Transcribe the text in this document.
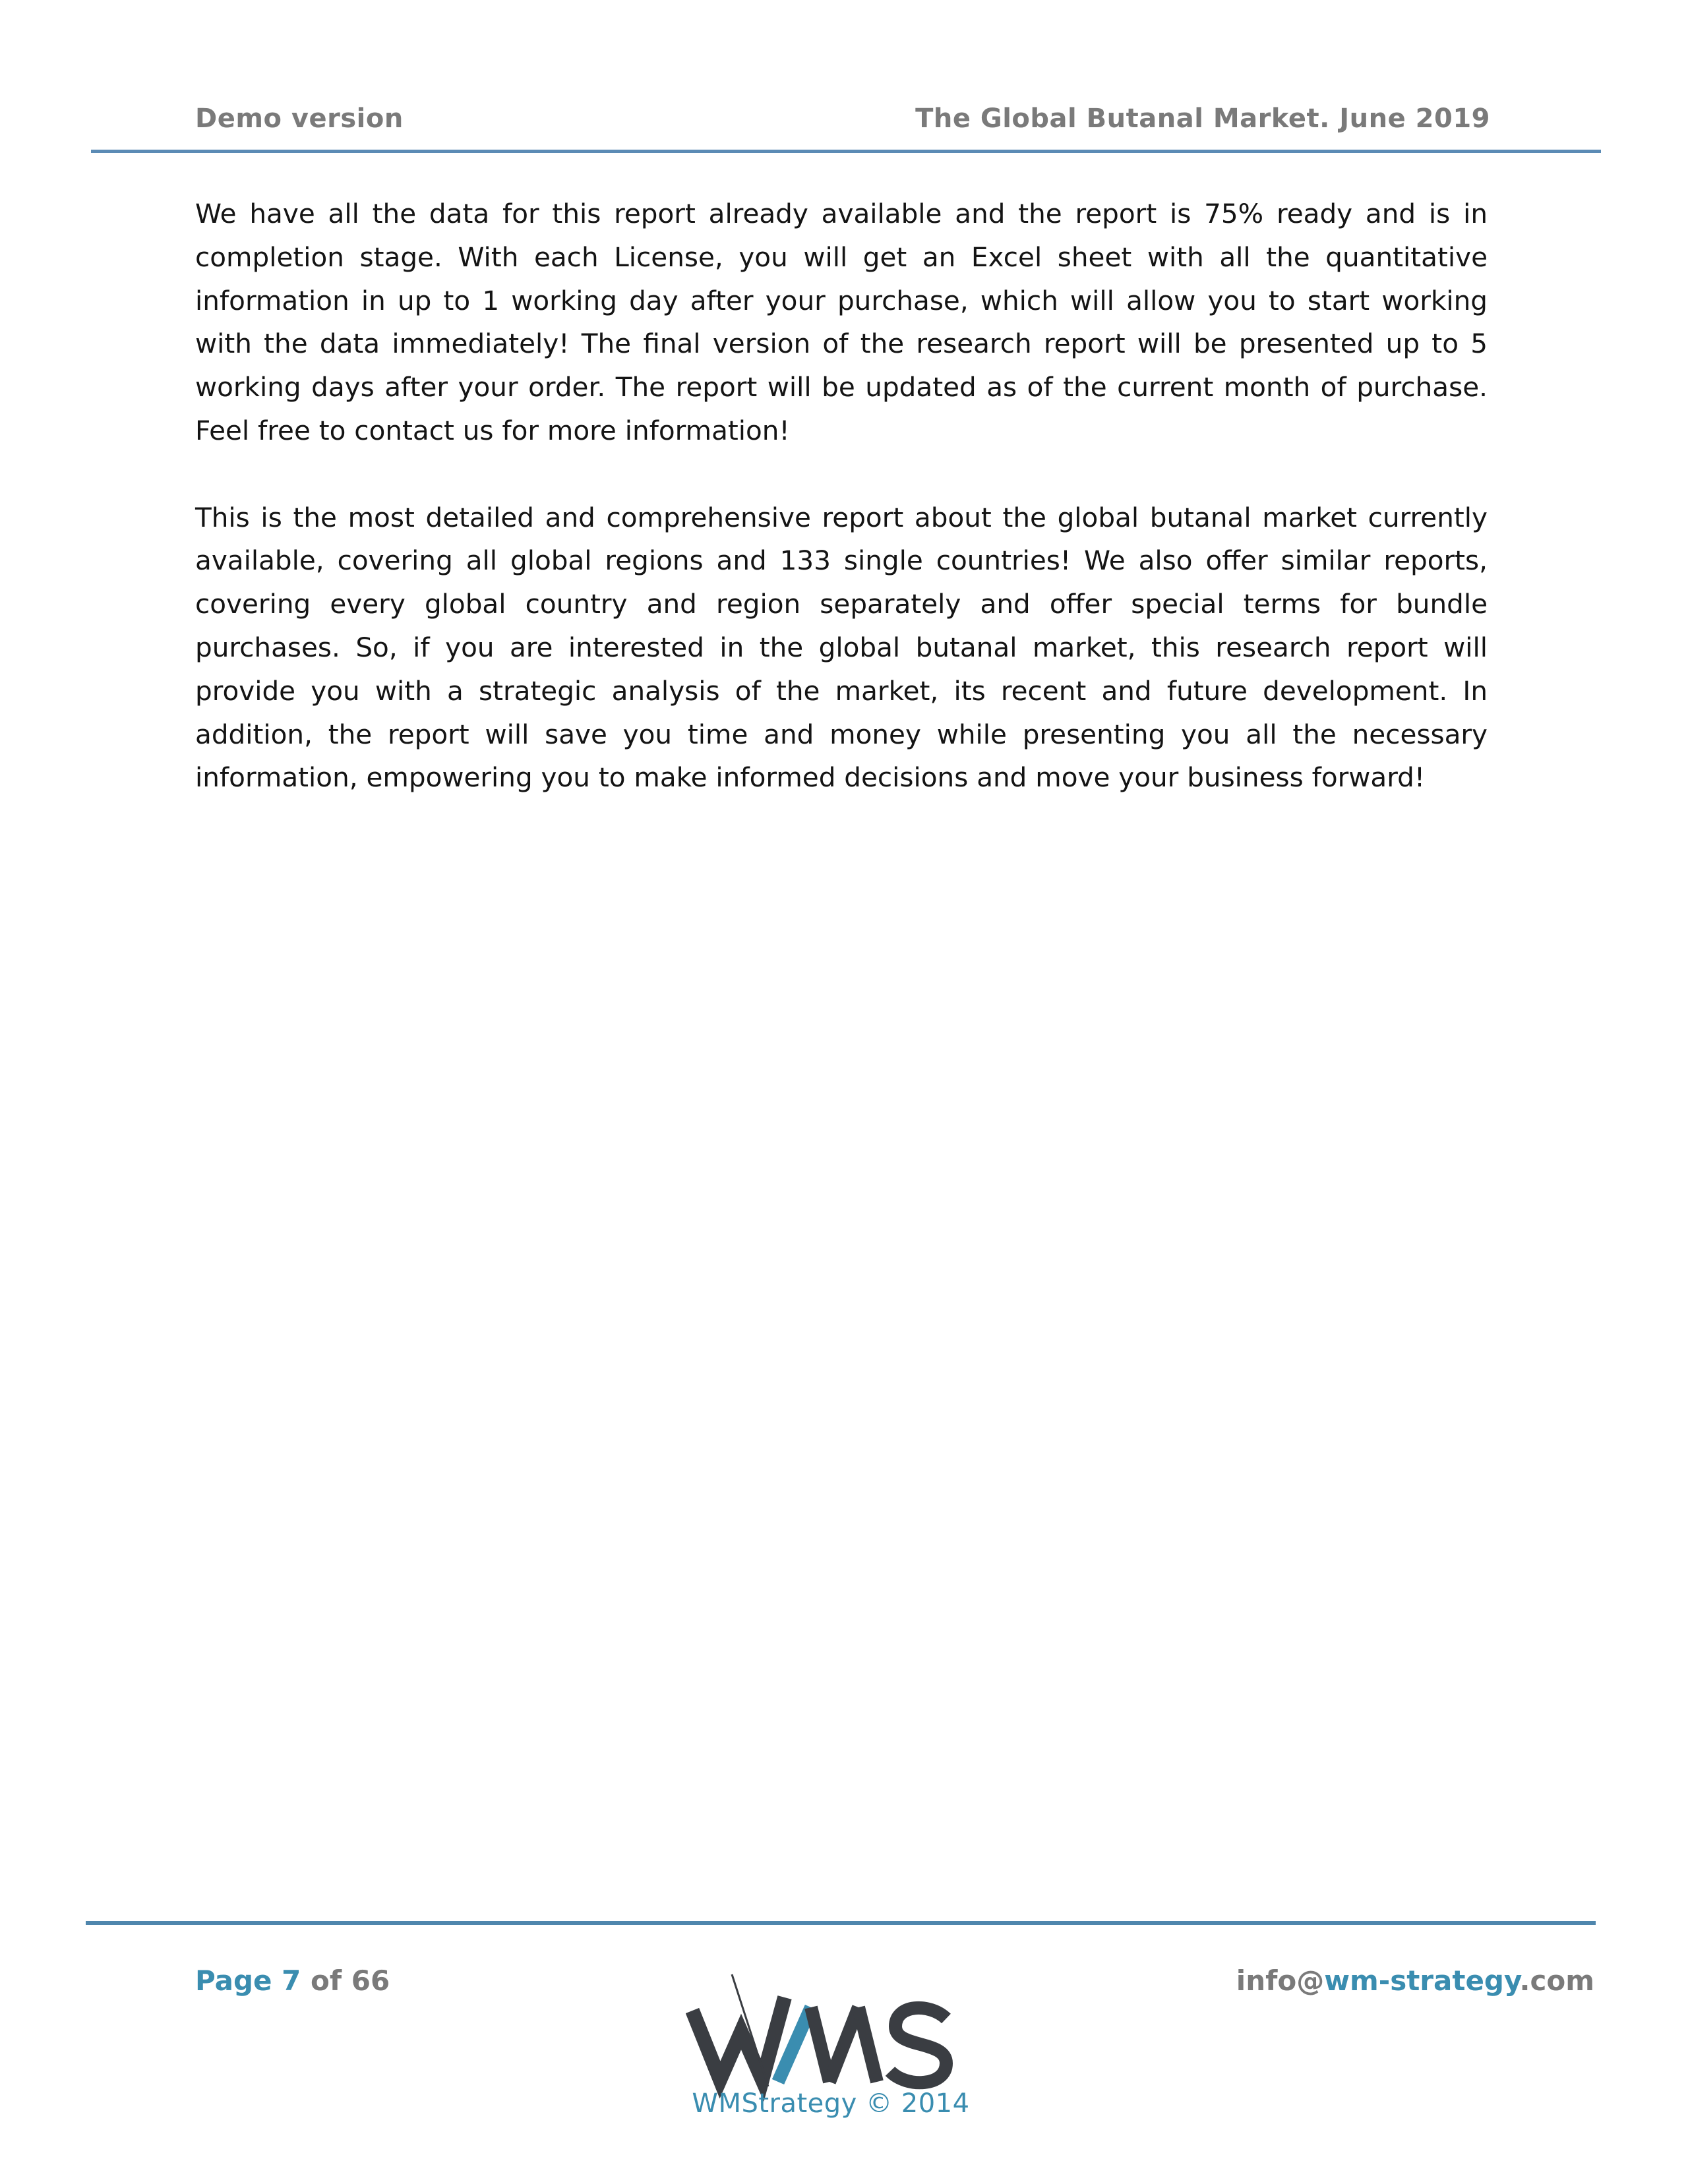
Demo version	The Global Butanal Market. June 2019

We have all the data for this report already available and the report is 75% ready and is in completion stage. With each License, you will get an Excel sheet with all the quantitative information in up to 1 working day after your purchase, which will allow you to start working with the data immediately! The final version of the research report will be presented up to 5 working days after your order. The report will be updated as of the current month of purchase. Feel free to contact us for more information!

This is the most detailed and comprehensive report about the global butanal market currently available, covering all global regions and 133 single countries! We also offer similar reports, covering every global country and region separately and offer special terms for bundle purchases. So, if you are interested in the global butanal market, this research report will provide you with a strategic analysis of the market, its recent and future development. In addition, the report will save you time and money while presenting you all the necessary information, empowering you to make informed decisions and move your business forward!

Page 7 of 66	info@wm-strategy.com
WMStrategy © 2014
